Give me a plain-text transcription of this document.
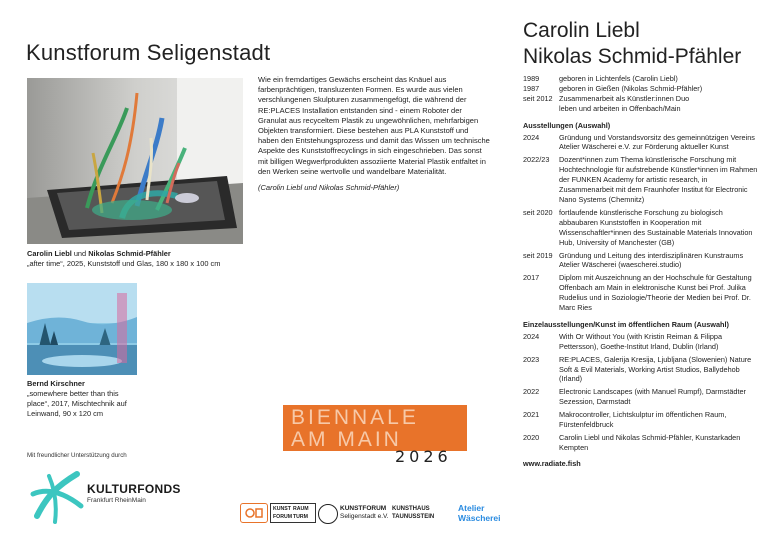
Kunstforum Seligenstadt
Carolin Liebl und Nikolas Schmid-Pfähler
„after time“, 2025, Kunststoff und Glas, 180 x 180 x 100 cm
Bernd Kirschner
„somewhere better than this
place“, 2017, Mischtechnik auf
Leinwand, 90 x 120 cm
Mit freundlicher Unterstützung durch
KULTURFONDS
Frankfurt RheinMain

Wie ein fremdartiges Gewächs erscheint das Knäuel aus farbenprächtigen, transluzenten Formen. Es wurde aus vielen verschlungenen Skulpturen zusammengefügt, die während der RE:PLACES Installation entstanden sind - einem Roboter der Granulat aus recyceltem Plastik zu ungewöhnlichen, mehrfarbigen Objekten transformiert. Diese bestehen aus PLA Kunststoff und haben den Entstehungsprozess und damit das Wissen um technische Aspekte des Kunststoffrecyclings in sich eingeschrieben. Das sonst mit billigen Wegwerfprodukten assoziierte Material Plastik entfaltet in den Werken seine wertvolle und wandelbare Materialität.

(Carolin Liebl und Nikolas Schmid-Pfähler)

BIENNALE
AM MAIN
2026
Carolin Liebl
Nikolas Schmid-Pfähler
1989	geboren in Lichtenfels (Carolin Liebl)
1987	geboren in Gießen (Nikolas Schmid-Pfähler)
seit 2012 Zusammenarbeit als Künstler:innen Duo
leben und arbeiten in Offenbach/Main
Ausstellungen (Auswahl)
2024	Gründung und Vorstandsvorsitz des gemeinnützigen Vereins Atelier Wäscherei e.V. zur Förderung aktueller Kunst
2022/23	Dozent*innen zum Thema künstlerische Forschung mit Hochtechnologie für aufstrebende Künstler*innen im Rahmen der FUNKEN Academy for artistic research, in Zusammenarbeit mit dem Fraunhofer Institut für Electronic Nano Systems (Chemnitz)
seit 2020 fortlaufende künstlerische Forschung zu biologisch abbaubaren Kunststoffen in Kooperation mit Wissenschaftler*innen des Sustainable Materials Innovation Hub, University of Manchester (GB)
seit 2019 Gründung und Leitung des interdisziplinären Kunstraums Atelier Wäscherei (waescherei.studio)
2017	Diplom mit Auszeichnung an der Hochschule für Gestaltung Offenbach am Main in elektronische Kunst bei Prof. Julika Rudelius und in Soziologie/Theorie der Medien bei Prof. Dr. Marc Ries
Einzelausstellungen/Kunst im öffentlichen Raum (Auswahl)
2024	With Or Without You (with Kristin Reiman & Filippa Pettersson), Goethe-Institut Irland, Dublin (Irland)
2023	RE:PLACES, Galerija Kresija, Ljubljana (Slowenien) Nature Soft & Evil Materials, Working Artist Studios, Ballydehob (Irland)
2022	Electronic Landscapes (with Manuel Rumpf), Darmstädter Sezession, Darmstadt
2021	Makrocontroller, Lichtskulptur im öffentlichen Raum, Fürstenfeldbruck
2020	Carolin Liebl und Nikolas Schmid-Pfähler, Kunstarkaden Kempten
www.radiate.fish
KUNST RAUM
FORUM TURM
KUNSTFORUM
Seligenstadt e.V.
KUNSTHAUS
TAUNUSSTEIN
Atelier
Wäscherei
